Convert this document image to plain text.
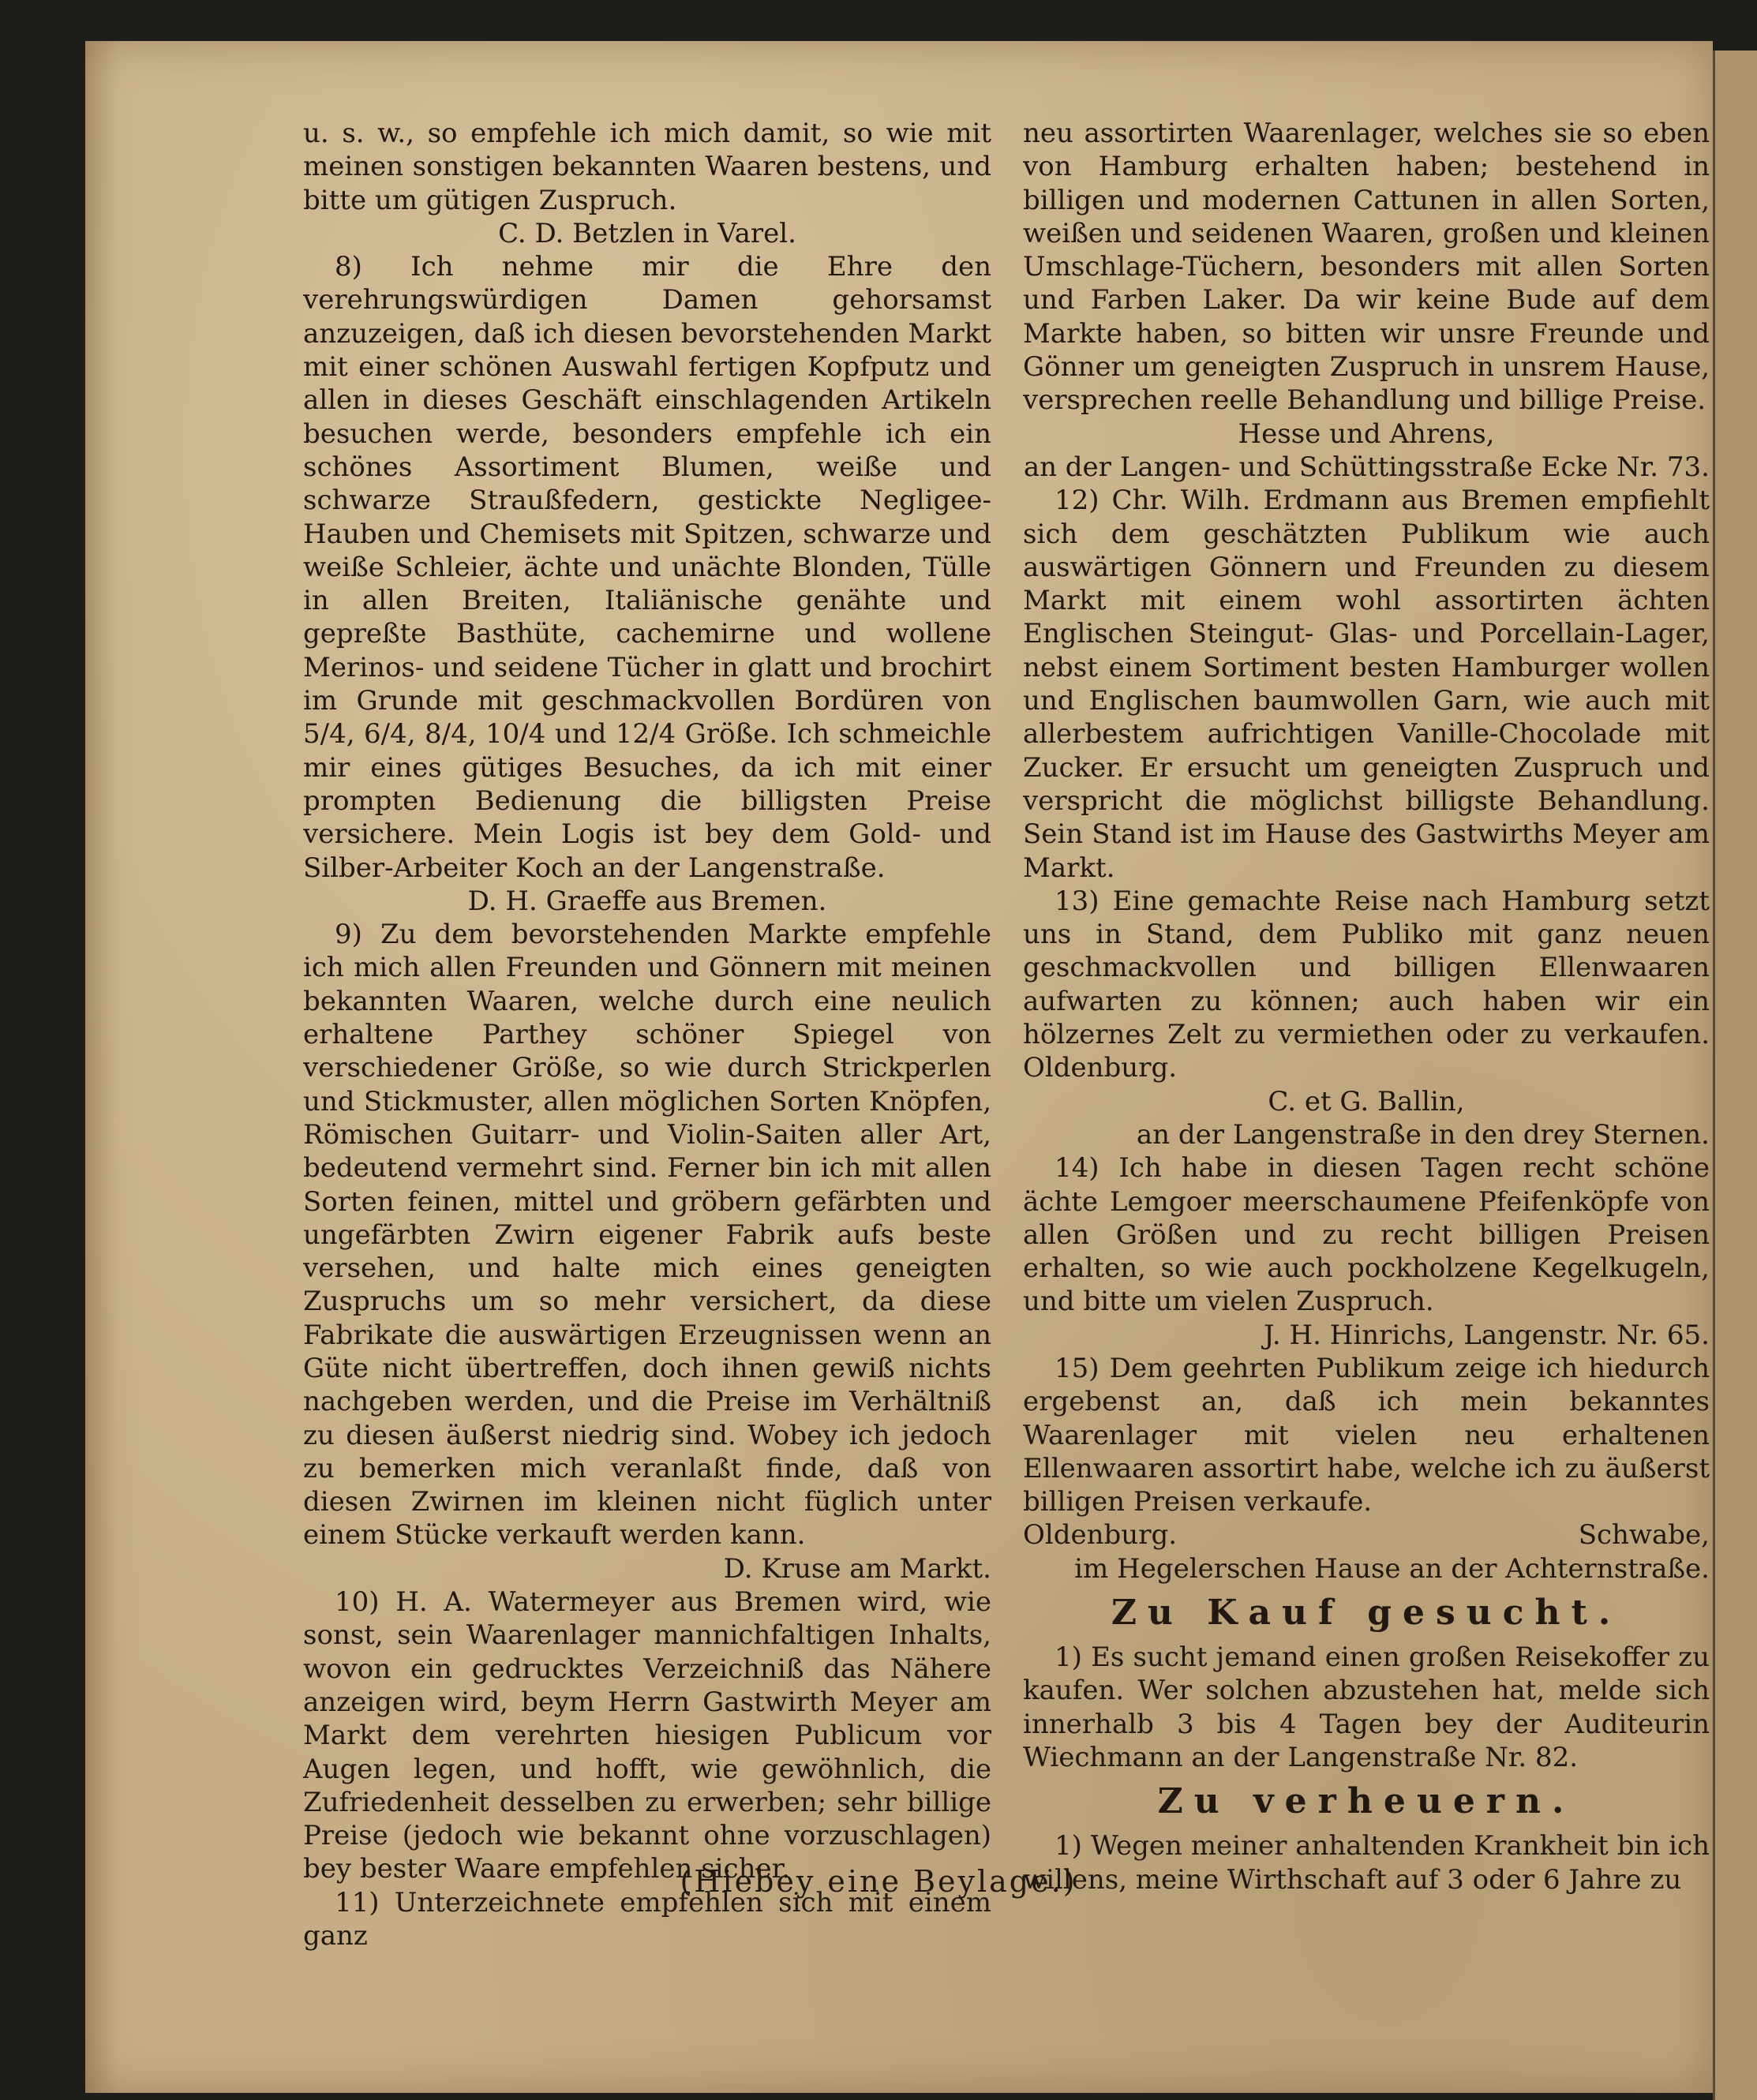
u. s. w., so empfehle ich mich damit, so wie mit meinen sonstigen bekannten Waaren bestens, und bitte um gütigen Zuspruch.

C. D. Betzlen in Varel.

8) Ich nehme mir die Ehre den verehrungswürdigen Damen gehorsamst anzuzeigen, daß ich diesen bevorstehenden Markt mit einer schönen Auswahl fertigen Kopfputz und allen in dieses Geschäft einschlagenden Artikeln besuchen werde, besonders empfehle ich ein schönes Assortiment Blumen, weiße und schwarze Straußfedern, gestickte Negligee-Hauben und Chemisets mit Spitzen, schwarze und weiße Schleier, ächte und unächte Blonden, Tülle in allen Breiten, Italiänische genähte und gepreßte Basthüte, cachemirne und wollene Merinos- und seidene Tücher in glatt und brochirt im Grunde mit geschmackvollen Bordüren von 5/4, 6/4, 8/4, 10/4 und 12/4 Größe. Ich schmeichle mir eines gütiges Besuches, da ich mit einer prompten Bedienung die billigsten Preise versichere. Mein Logis ist bey dem Gold- und Silber-Arbeiter Koch an der Langenstraße.

D. H. Graeffe aus Bremen.

9) Zu dem bevorstehenden Markte empfehle ich mich allen Freunden und Gönnern mit meinen bekannten Waaren, welche durch eine neulich erhaltene Parthey schöner Spiegel von verschiedener Größe, so wie durch Strickperlen und Stickmuster, allen möglichen Sorten Knöpfen, Römischen Guitarr- und Violin-Saiten aller Art, bedeutend vermehrt sind. Ferner bin ich mit allen Sorten feinen, mittel und gröbern gefärbten und ungefärbten Zwirn eigener Fabrik aufs beste versehen, und halte mich eines geneigten Zuspruchs um so mehr versichert, da diese Fabrikate die auswärtigen Erzeugnissen wenn an Güte nicht übertreffen, doch ihnen gewiß nichts nachgeben werden, und die Preise im Verhältniß zu diesen äußerst niedrig sind. Wobey ich jedoch zu bemerken mich veranlaßt finde, daß von diesen Zwirnen im kleinen nicht füglich unter einem Stücke verkauft werden kann.

D. Kruse am Markt.

10) H. A. Watermeyer aus Bremen wird, wie sonst, sein Waarenlager mannichfaltigen Inhalts, wovon ein gedrucktes Verzeichniß das Nähere anzeigen wird, beym Herrn Gastwirth Meyer am Markt dem verehrten hiesigen Publicum vor Augen legen, und hofft, wie gewöhnlich, die Zufriedenheit desselben zu erwerben; sehr billige Preise (jedoch wie bekannt ohne vorzuschlagen) bey bester Waare empfehlen sicher.

11) Unterzeichnete empfehlen sich mit einem ganz

neu assortirten Waarenlager, welches sie so eben von Hamburg erhalten haben; bestehend in billigen und modernen Cattunen in allen Sorten, weißen und seidenen Waaren, großen und kleinen Umschlage-Tüchern, besonders mit allen Sorten und Farben Laker. Da wir keine Bude auf dem Markte haben, so bitten wir unsre Freunde und Gönner um geneigten Zuspruch in unsrem Hause, versprechen reelle Behandlung und billige Preise.

Hesse und Ahrens,

an der Langen- und Schüttingsstraße Ecke Nr. 73.

12) Chr. Wilh. Erdmann aus Bremen empfiehlt sich dem geschätzten Publikum wie auch auswärtigen Gönnern und Freunden zu diesem Markt mit einem wohl assortirten ächten Englischen Steingut- Glas- und Porcellain-Lager, nebst einem Sortiment besten Hamburger wollen und Englischen baumwollen Garn, wie auch mit allerbestem aufrichtigen Vanille-Chocolade mit Zucker. Er ersucht um geneigten Zuspruch und verspricht die möglichst billigste Behandlung. Sein Stand ist im Hause des Gastwirths Meyer am Markt.

13) Eine gemachte Reise nach Hamburg setzt uns in Stand, dem Publiko mit ganz neuen geschmackvollen und billigen Ellenwaaren aufwarten zu können; auch haben wir ein hölzernes Zelt zu vermiethen oder zu verkaufen. Oldenburg.

C. et G. Ballin,

an der Langenstraße in den drey Sternen.

14) Ich habe in diesen Tagen recht schöne ächte Lemgoer meerschaumene Pfeifenköpfe von allen Größen und zu recht billigen Preisen erhalten, so wie auch pockholzene Kegelkugeln, und bitte um vielen Zuspruch.

J. H. Hinrichs, Langenstr. Nr. 65.

15) Dem geehrten Publikum zeige ich hiedurch ergebenst an, daß ich mein bekanntes Waarenlager mit vielen neu erhaltenen Ellenwaaren assortirt habe, welche ich zu äußerst billigen Preisen verkaufe.

Oldenburg.	Schwabe,

im Hegelerschen Hause an der Achternstraße.

Zu Kauf gesucht.

1) Es sucht jemand einen großen Reisekoffer zu kaufen. Wer solchen abzustehen hat, melde sich innerhalb 3 bis 4 Tagen bey der Auditeurin Wiechmann an der Langenstraße Nr. 82.

Zu verheuern.

1) Wegen meiner anhaltenden Krankheit bin ich willens, meine Wirthschaft auf 3 oder 6 Jahre zu

(Hiebey eine Beylage.)
